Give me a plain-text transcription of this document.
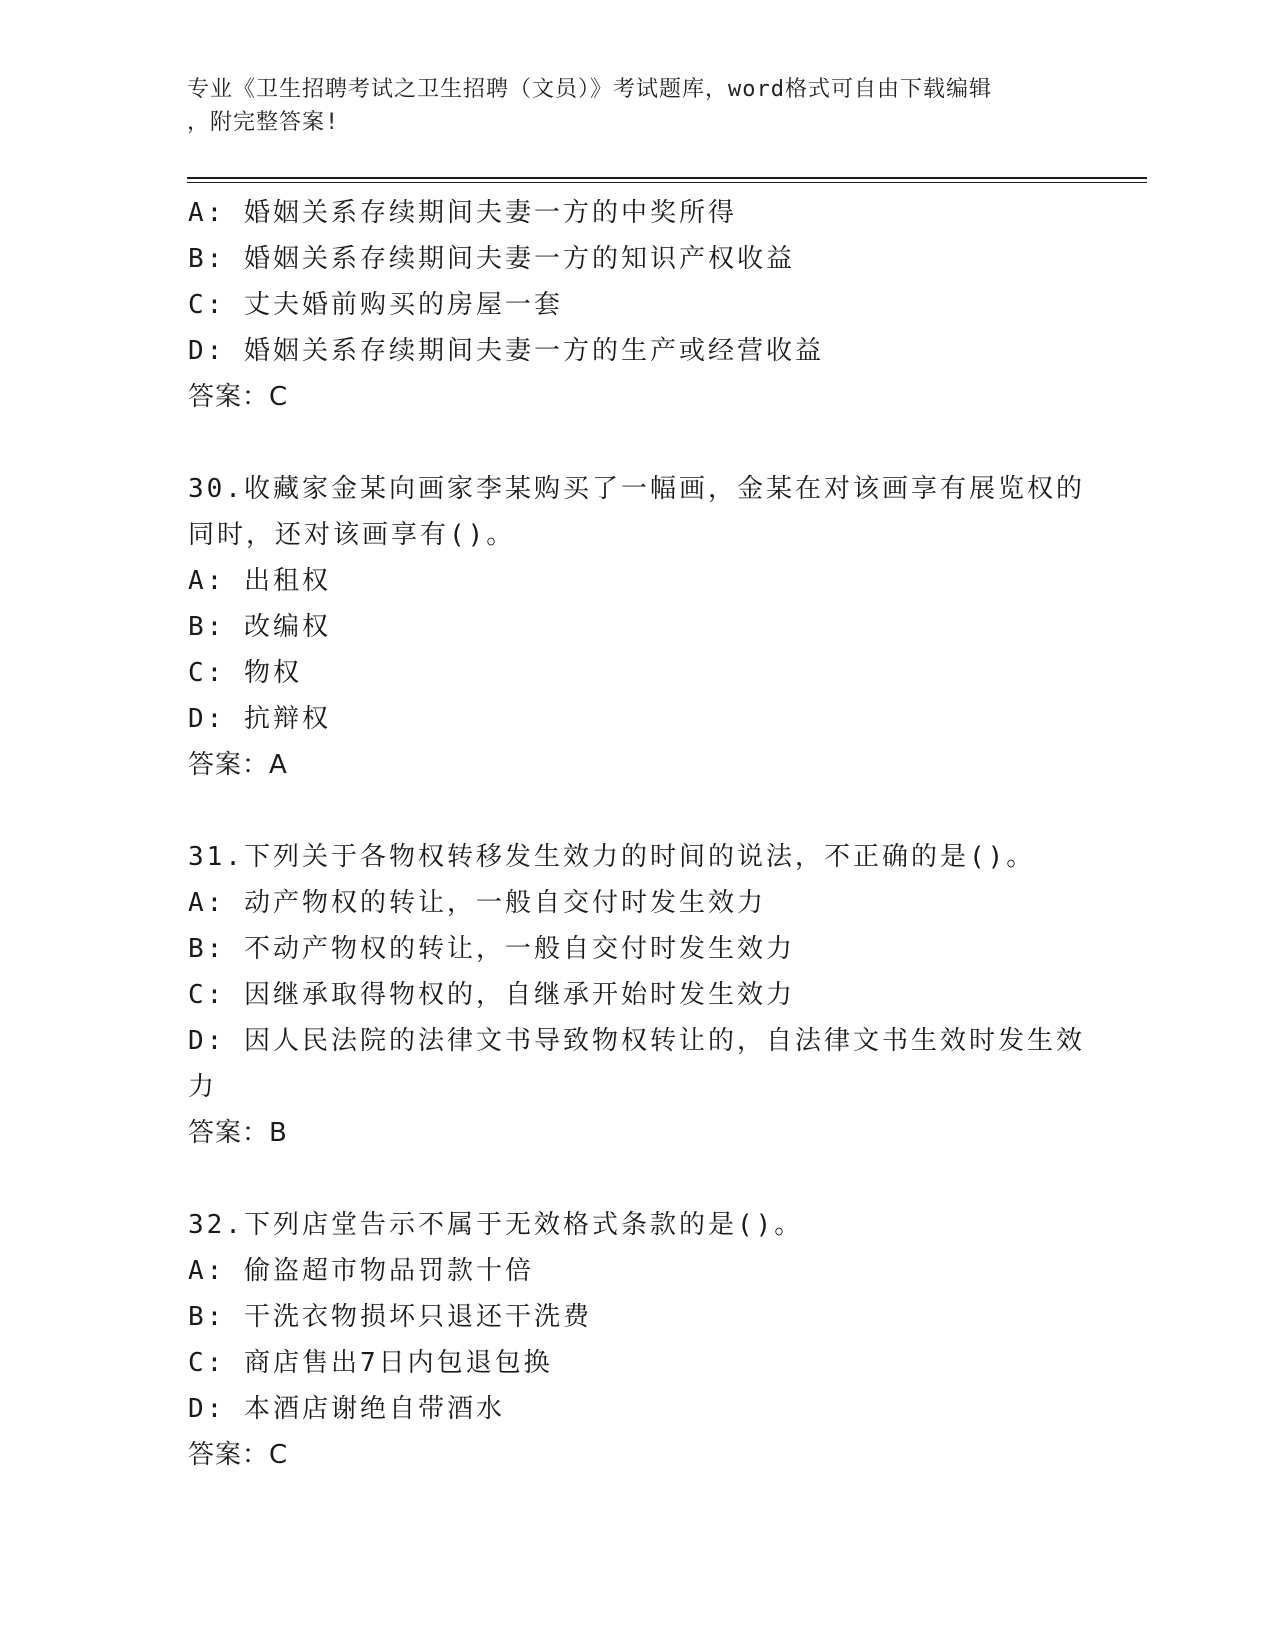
专业《卫生招聘考试之卫生招聘（文员）》考试题库，word格式可自由下载编辑
，附完整答案!
A: 婚姻关系存续期间夫妻一方的中奖所得
B: 婚姻关系存续期间夫妻一方的知识产权收益
C: 丈夫婚前购买的房屋一套
D: 婚姻关系存续期间夫妻一方的生产或经营收益
答案：C
30.收藏家金某向画家李某购买了一幅画，金某在对该画享有展览权的
同时，还对该画享有()。
A: 出租权
B: 改编权
C: 物权
D: 抗辩权
答案：A
31.下列关于各物权转移发生效力的时间的说法，不正确的是()。
A: 动产物权的转让，一般自交付时发生效力
B: 不动产物权的转让，一般自交付时发生效力
C: 因继承取得物权的，自继承开始时发生效力
D: 因人民法院的法律文书导致物权转让的，自法律文书生效时发生效
力
答案：B
32.下列店堂告示不属于无效格式条款的是()。
A: 偷盗超市物品罚款十倍
B: 干洗衣物损坏只退还干洗费
C: 商店售出7日内包退包换
D: 本酒店谢绝自带酒水
答案：C
